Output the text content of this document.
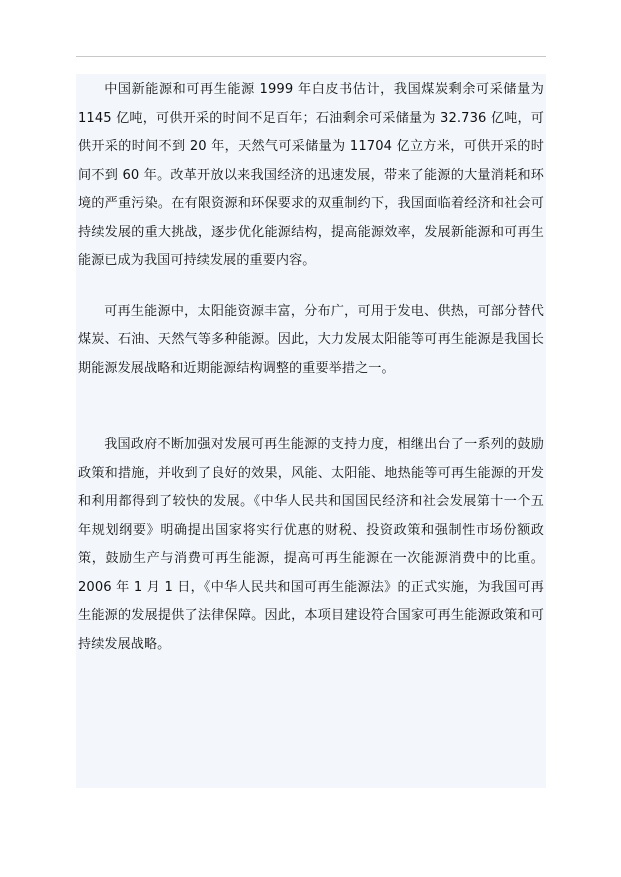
中国新能源和可再生能源 1999 年白皮书估计，我国煤炭剩余可采储量为 1145 亿吨，可供开采的时间不足百年；石油剩余可采储量为 32.736 亿吨，可供开采的时间不到 20 年，天然气可采储量为 11704 亿立方米，可供开采的时间不到 60 年。改革开放以来我国经济的迅速发展，带来了能源的大量消耗和环境的严重污染。在有限资源和环保要求的双重制约下，我国面临着经济和社会可持续发展的重大挑战，逐步优化能源结构，提高能源效率，发展新能源和可再生能源已成为我国可持续发展的重要内容。

可再生能源中，太阳能资源丰富，分布广，可用于发电、供热，可部分替代煤炭、石油、天然气等多种能源。因此，大力发展太阳能等可再生能源是我国长期能源发展战略和近期能源结构调整的重要举措之一。

我国政府不断加强对发展可再生能源的支持力度，相继出台了一系列的鼓励政策和措施，并收到了良好的效果，风能、太阳能、地热能等可再生能源的开发和利用都得到了较快的发展。《中华人民共和国国民经济和社会发展第十一个五年规划纲要》明确提出国家将实行优惠的财税、投资政策和强制性市场份额政策，鼓励生产与消费可再生能源，提高可再生能源在一次能源消费中的比重。2006 年 1 月 1 日，《中华人民共和国可再生能源法》的正式实施，为我国可再生能源的发展提供了法律保障。因此，本项目建设符合国家可再生能源政策和可持续发展战略。
